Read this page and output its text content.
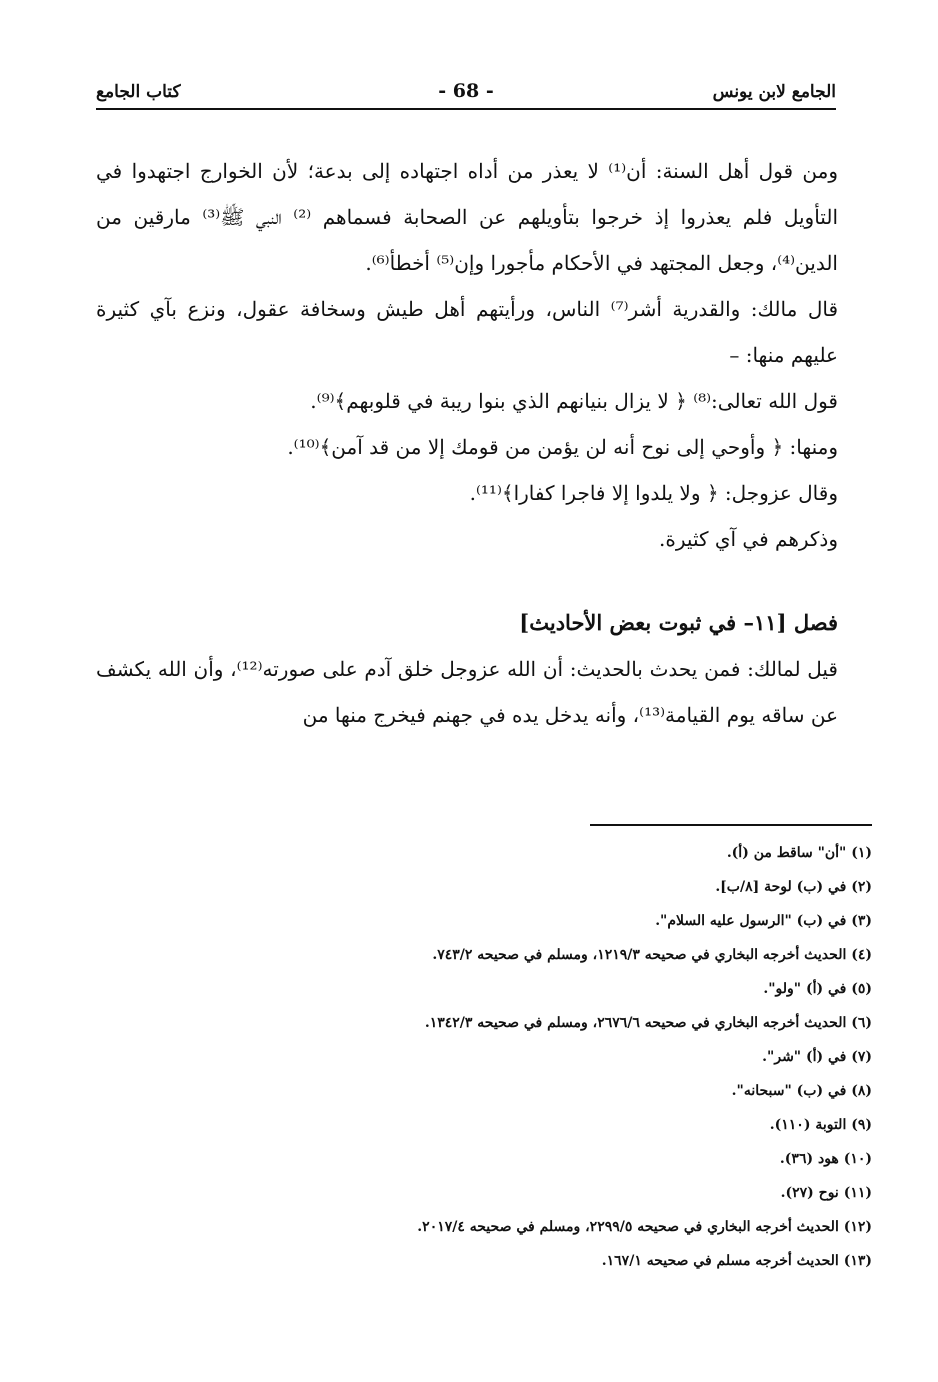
الجامع لابن يونس
- 68 -
كتاب الجامع

ومن قول أهل السنة: أن⁽¹⁾ لا يعذر من أداه اجتهاده إلى بدعة؛ لأن الخوارج اجتهدوا في التأويل فلم يعذروا إذ خرجوا بتأويلهم عن الصحابة فسماهم ⁽²⁾ النبي ﷺ⁽³⁾ مارقين من الدين⁽⁴⁾، وجعل المجتهد في الأحكام مأجورا وإن⁽⁵⁾ أخطأ⁽⁶⁾.

قال مالك: والقدرية أشر⁽⁷⁾ الناس، ورأيتهم أهل طيش وسخافة عقول، ونزع بآي كثيرة عليهم منها: –

قول الله تعالى:⁽⁸⁾ ﴿ لا يزال بنيانهم الذي بنوا ريبة في قلوبهم﴾⁽⁹⁾.

ومنها: ﴿ وأوحي إلى نوح أنه لن يؤمن من قومك إلا من قد آمن﴾⁽¹⁰⁾.

وقال عزوجل: ﴿ ولا يلدوا إلا فاجرا كفارا﴾⁽¹¹⁾.

وذكرهم في آي كثيرة.

فصل [١١– في ثبوت بعض الأحاديث]

قيل لمالك: فمن يحدث بالحديث: أن الله عزوجل خلق آدم على صورته⁽¹²⁾، وأن الله يكشف عن ساقه يوم القيامة⁽¹³⁾، وأنه يدخل يده في جهنم فيخرج منها من

(١) "أن" ساقط من (أ).
(٢) في (ب) لوحة [٨/ب].
(٣) في (ب) "الرسول عليه السلام".
(٤) الحديث أخرجه البخاري في صحيحه ١٢١٩/٣، ومسلم في صحيحه ٧٤٣/٢.
(٥) في (أ) "ولو".
(٦) الحديث أخرجه البخاري في صحيحه ٢٦٧٦/٦، ومسلم في صحيحه ١٣٤٢/٣.
(٧) في (أ) "شر".
(٨) في (ب) "سبحانه".
(٩) التوبة (١١٠).
(١٠) هود (٣٦).
(١١) نوح (٢٧).
(١٢) الحديث أخرجه البخاري في صحيحه ٢٢٩٩/٥، ومسلم في صحيحه ٢٠١٧/٤.
(١٣) الحديث أخرجه مسلم في صحيحه ١٦٧/١.
